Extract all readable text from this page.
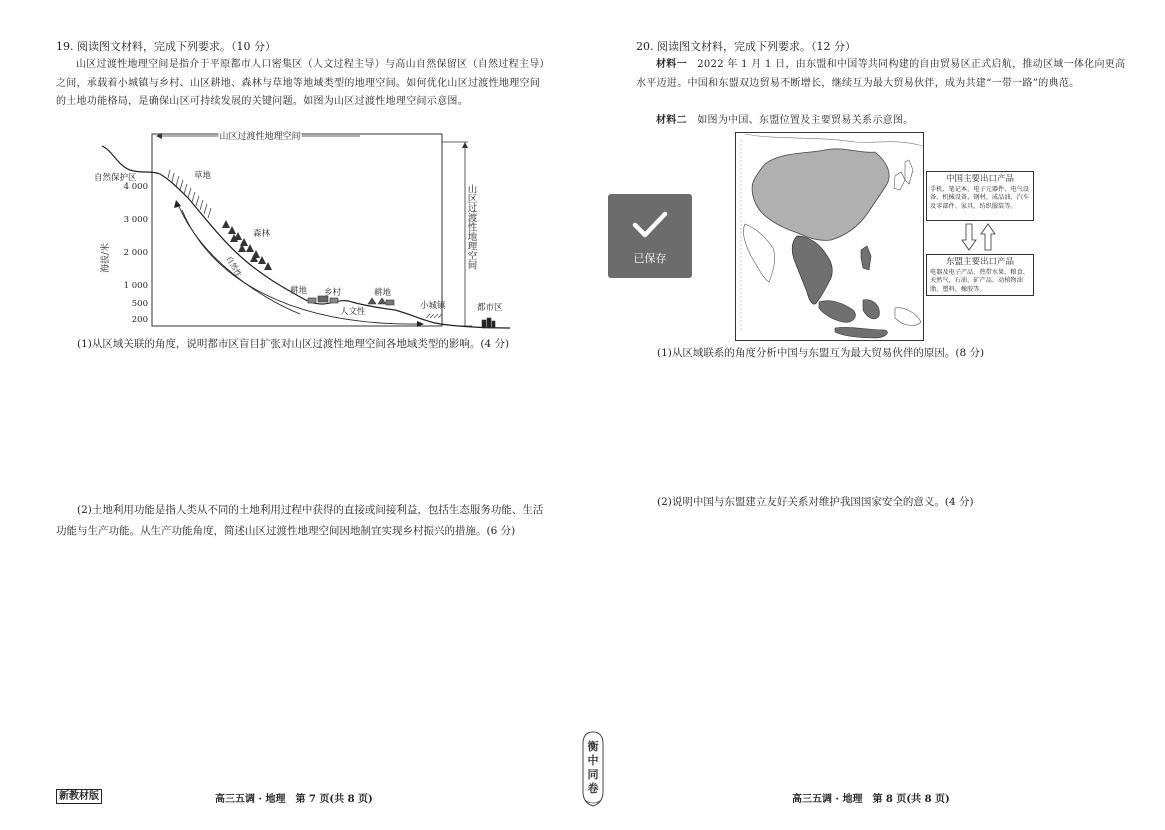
19. 阅读图文材料，完成下列要求。（10 分）

山区过渡性地理空间是指介于平原都市人口密集区（人文过程主导）与高山自然保留区（自然过程主导）之间，承载着小城镇与乡村、山区耕地、森林与草地等地域类型的地理空间。如何优化山区过渡性地理空间的土地功能格局，是确保山区可持续发展的关键问题。如图为山区过渡性地理空间示意图。

山区过渡性地理空间
山区过渡性地理空间
海拔/米
4 000
3 000
2 000
1 000
500
200
自然保护区	草地
森林
自然性
耕地 乡村	耕地
人文性
小城镇	都市区

(1)从区域关联的角度，说明都市区盲目扩张对山区过渡性地理空间各地域类型的影响。(4 分)

(2)土地利用功能是指人类从不同的土地利用过程中获得的直接或间接利益，包括生态服务功能、生活功能与生产功能。从生产功能角度，简述山区过渡性地理空间因地制宜实现乡村振兴的措施。(6 分)

新教材版	高三五调 · 地理　第 7 页(共 8 页)
衡
中
同
卷
20. 阅读图文材料，完成下列要求。（12 分）

材料一　 2022 年 1 月 1 日，由东盟和中国等共同构建的自由贸易区正式启航，推动区域一体化向更高水平迈进。中国和东盟双边贸易不断增长，继续互为最大贸易伙伴，成为共建“一带一路”的典范。

材料二　 如图为中国、东盟位置及主要贸易关系示意图。

中国主要出口产品
手机、笔记本、电子元器件、电气设备、机械设备、钢材、成品油、汽车及零部件、家具、纺织服装等。
东盟主要出口产品
电器及电子产品、热带水果、粮食、天然气、石油、矿产品、动植物油脂、塑料、橡胶等。

(1)从区域联系的角度分析中国与东盟互为最大贸易伙伴的原因。(8 分)

(2)说明中国与东盟建立友好关系对维护我国国家安全的意义。(4 分)

高三五调 · 地理　第 8 页(共 8 页)
已保存
